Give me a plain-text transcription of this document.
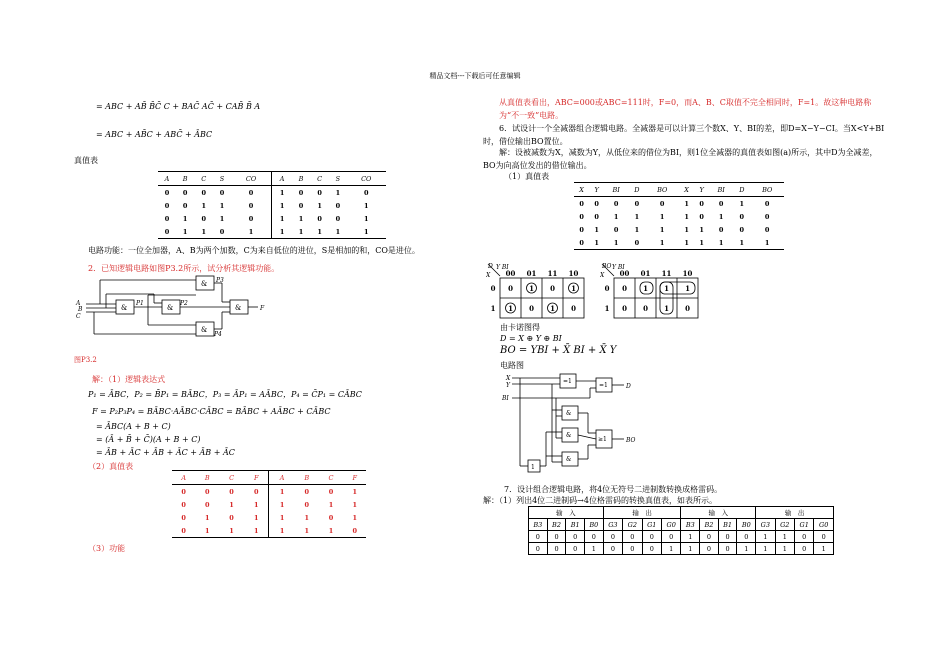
精品文档---下载后可任意编辑
= ABC + AB̄ B̄C̄ C + BAC̄ AC̄ + CAB̄ B̄ A
= ABC + AB̄C + ABC̄ + ĀBC
真值表
A	B	C	S	CO	A	B	C	S	CO
0	0	0	0	0	1	0	0	1	0
0	0	1	1	0	1	0	1	0	1
0	1	0	1	0	1	1	0	0	1
0	1	1	0	1	1	1	1	1	1
电路功能：一位全加器，A、B为两个加数，C为来自低位的进位，S是相加的和，CO是进位。
2．已知逻辑电路如图P3.2所示，试分析其逻辑功能。
&
&	&	&
&
A
B
C
P1	P2
P3
P4
F
图P3.2
解：（1）逻辑表达式
P₁ = ĀBC，P₂ = B̄P₁ = BĀBC，P₃ = ĀP₁ = AĀBC，P₄ = C̄P₁ = CĀBC
F = P₂P₃P₄ = BĀBC·AĀBC·CĀBC = BĀBC + AĀBC + CĀBC
= ĀBC(A + B + C)
= (Ā + B̄ + C̄)(A + B + C)
= ĀB + ĀC + ĀB + ĀC + ĀB + ĀC
（2）真值表
A	B	C	F	A	B	C	F
0	0	0	0	1	0	0	1
0	0	1	1	1	0	1	1
0	1	0	1	1	1	0	1
0	1	1	1	1	1	1	0
（3）功能
从真值表看出，ABC=000或ABC=111时，F=0，而A、B、C取值不完全相同时，F=1。故这种电路称为“不一致”电路。
6．试设计一个全减器组合逻辑电路。全减器是可以计算三个数X、Y、BI的差，即D=X−Y−CI。当X<Y+BI时，借位输出BO置位。
解：设被减数为X，减数为Y，从低位来的借位为BI，则1位全减器的真值表如图(a)所示，其中D为全减差，BO为向高位发出的借位输出。
（1）真值表
X	Y	BI	D	BO	X	Y	BI	D	BO
0	0	0	0	0	1	0	0	1	0
0	0	1	1	1	1	0	1	0	0
0	1	0	1	1	1	1	0	0	0
0	1	1	0	1	1	1	1	1	1
D Y BI
X 00 01 11 10
0
1
0 1 0 1
1 0 1 0
BO Y BI
X 00 01 11 10
0
1
0 1 1 1
0 0 1 0
由卡诺图得
D = X ⊕ Y ⊕ BI
BO = YBI + X̄ BI + X̄ Y
电路图
=1
=1
&
&
&
≥1
1
X
Y
BI
D
BO
7．设计组合逻辑电路，将4位无符号二进制数转换成格雷码。
解：（1）列出4位二进制码→4位格雷码的转换真值表，如表所示。
输　入				输　出				输　入				输　出			
B3	B2	B1	B0	G3	G2	G1	G0	B3	B2	B1	B0	G3	G2	G1	G0
0	0	0	0	0	0	0	0	1	0	0	0	1	1	0	0
0	0	0	1	0	0	0	1	1	0	0	1	1	1	0	1
